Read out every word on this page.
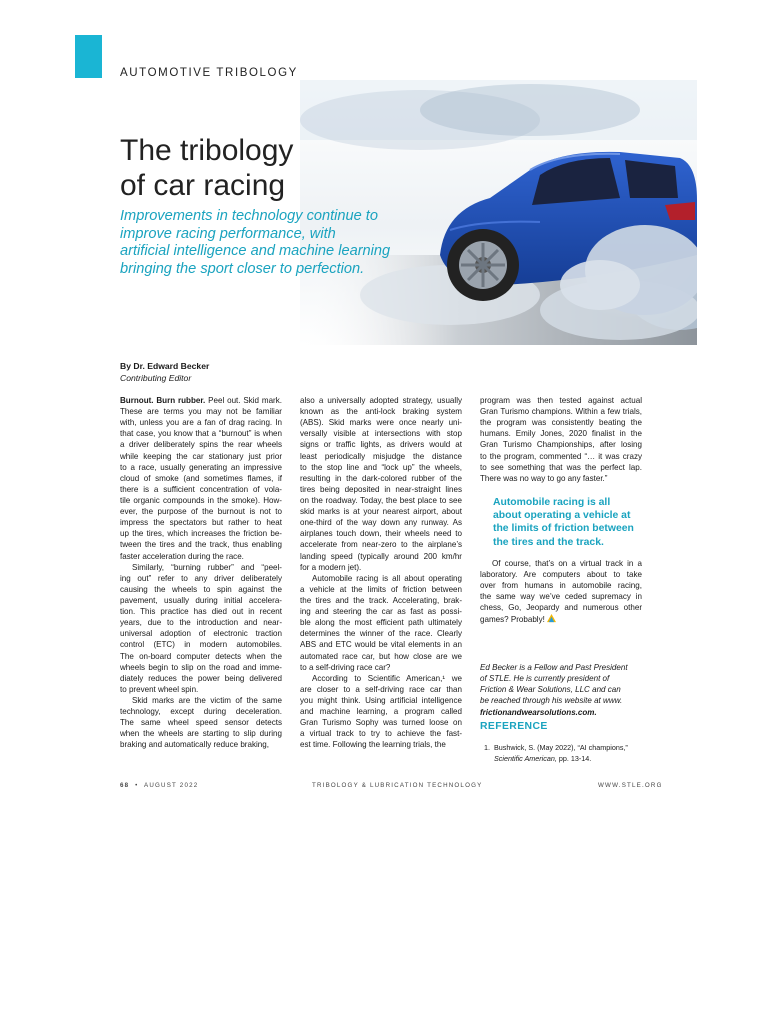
AUTOMOTIVE TRIBOLOGY
The tribology
of car racing
Improvements in technology continue to
improve racing performance, with
artificial intelligence and machine learning
bringing the sport closer to perfection.
By Dr. Edward Becker
Contributing Editor
Burnout. Burn rubber. Peel out. Skid mark.
These are terms you may not be familiar
with, unless you are a fan of drag racing. In
that case, you know that a “burnout” is when
a driver deliberately spins the rear wheels
while keeping the car stationary just prior
to a race, usually generating an impressive
cloud of smoke (and sometimes flames, if
there is a sufficient concentration of vola-
tile organic compounds in the smoke). How-
ever, the purpose of the burnout is not to
impress the spectators but rather to heat
up the tires, which increases the friction be-
tween the tires and the track, thus enabling
faster acceleration during the race.
Similarly, “burning rubber” and “peel-
ing out” refer to any driver deliberately
causing the wheels to spin against the
pavement, usually during initial accelera-
tion. This practice has died out in recent
years, due to the introduction and near-
universal adoption of electronic traction
control (ETC) in modern automobiles.
The on-board computer detects when the
wheels begin to slip on the road and imme-
diately reduces the power being delivered
to prevent wheel spin.
Skid marks are the victim of the same
technology, except during deceleration.
The same wheel speed sensor detects
when the wheels are starting to slip during
braking and automatically reduce braking,
also a universally adopted strategy, usually
known as the anti-lock braking system
(ABS). Skid marks were once nearly uni-
versally visible at intersections with stop
signs or traffic lights, as drivers would at
least periodically misjudge the distance
to the stop line and “lock up” the wheels,
resulting in the dark-colored rubber of the
tires being deposited in near-straight lines
on the roadway. Today, the best place to see
skid marks is at your nearest airport, about
one-third of the way down any runway. As
airplanes touch down, their wheels need to
accelerate from near-zero to the airplane’s
landing speed (typically around 200 km/hr
for a modern jet).
Automobile racing is all about operating
a vehicle at the limits of friction between
the tires and the track. Accelerating, brak-
ing and steering the car as fast as possi-
ble along the most efficient path ultimately
determines the winner of the race. Clearly
ABS and ETC would be vital elements in an
automated race car, but how close are we
to a self-driving race car?
According to Scientific American,¹ we
are closer to a self-driving race car than
you might think. Using artificial intelligence
and machine learning, a program called
Gran Turismo Sophy was turned loose on
a virtual track to try to achieve the fast-
est time. Following the learning trials, the
program was then tested against actual
Gran Turismo champions. Within a few trials,
the program was consistently beating the
humans. Emily Jones, 2020 finalist in the
Gran Turismo Championships, after losing
to the program, commented “… it was crazy
to see something that was the perfect lap.
There was no way to go any faster.”
Automobile racing is all
about operating a vehicle at
the limits of friction between
the tires and the track.
Of course, that’s on a virtual track in a
laboratory. Are computers about to take
over from humans in automobile racing,
the same way we’ve ceded supremacy in
chess, Go, Jeopardy and numerous other
games? Probably!
Ed Becker is a Fellow and Past President
of STLE. He is currently president of
Friction & Wear Solutions, LLC and can
be reached through his website at www.
frictionandwearsolutions.com.
REFERENCE
1. Bushwick, S. (May 2022), “AI champions,”
Scientific American, pp. 13-14.
68 • AUGUST 2022	TRIBOLOGY & LUBRICATION TECHNOLOGY	WWW.STLE.ORG
